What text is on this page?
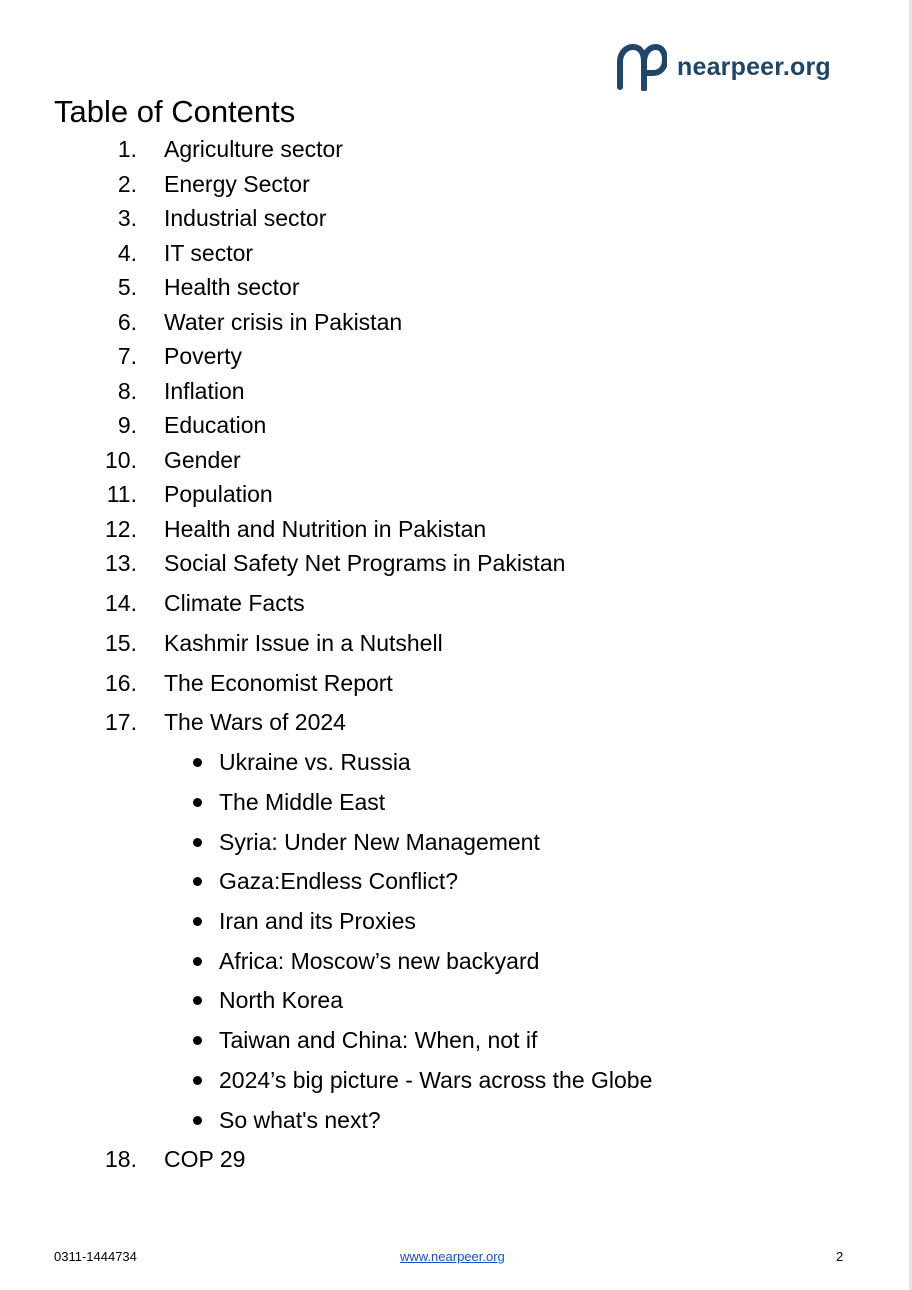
nearpeer.org
Table of Contents
1. Agriculture sector
2. Energy Sector
3. Industrial sector
4. IT sector
5. Health sector
6. Water crisis in Pakistan
7. Poverty
8. Inflation
9. Education
10. Gender
11. Population
12. Health and Nutrition in Pakistan
13. Social Safety Net Programs in Pakistan
14. Climate Facts
15. Kashmir Issue in a Nutshell
16. The Economist Report
17. The Wars of 2024
Ukraine vs. Russia
The Middle East
Syria: Under New Management
Gaza:Endless Conflict?
Iran and its Proxies
Africa: Moscow’s new backyard
North Korea
Taiwan and China: When, not if
2024’s big picture - Wars across the Globe
So what's next?
18. COP 29
0311-1444734	www.nearpeer.org	2
